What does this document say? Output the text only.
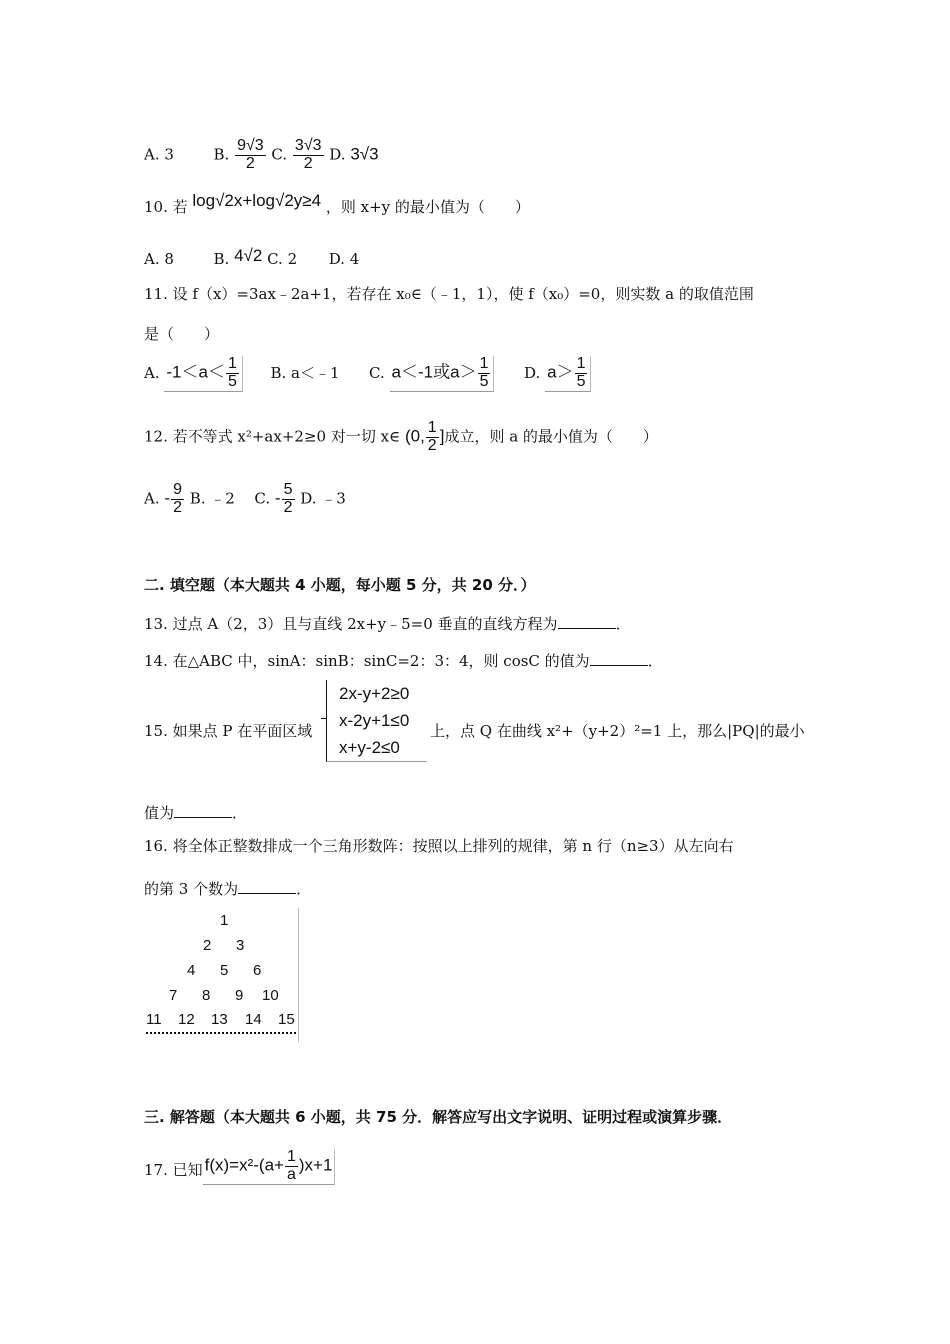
A. 3	B. $\frac{9√3}{2} C$. $\frac{3√3}{2} D$. 3√3
10. 若 log√2x+log√2y≥4 ，则 x+y 的最小值为（　　）
A. 8	B. 4√2 C. 2 D. 4
11. 设 f（x）=3ax﹣2a+1，若存在 x₀∈（﹣1，1），使 f（x₀）=0，则实数 a 的取值范围
是（　　）
A. $-1<a< \frac{1}{5} B$. a＜﹣1 C. a＜-1或$a> \frac{1}{5} D$. $a> \frac{1}{5}$
12. 若不等式 x²+ax+2≥0 对一切 x∈ (0, $\frac{1}{2}$ ]成立，则 a 的最小值为（　　）
A. - $\frac{9}{2} B$. ﹣2 C. - $\frac{5}{2} D$. ﹣3
二. 填空题（本大题共 4 小题，每小题 5 分，共 20 分．）
13. 过点 A（2，3）且与直线 2x+y﹣5=0 垂直的直线方程为	．
14. 在△ABC 中，sinA：sinB：sinC=2：3：4，则 cosC 的值为	．
15. 如果点 P 在平面区域
2x-y+2≥0
x-2y+1≤0
x+y-2≤0
上，点 Q 在曲线 x²+（y+2）²=1 上，那么|PQ|的最小
值为	．
16. 将全体正整数排成一个三角形数阵：按照以上排列的规律，第 n 行（n≥3）从左向右
的第 3 个数为	．
1
2 3
4 5 6
7 8 9 10
11 12 13 14 15
三. 解答题（本大题共 6 小题，共 75 分．解答应写出文字说明、证明过程或演算步骤．
17. 已知 $f(x)=x^2-(a+ \frac{1}{a} )x+1$
